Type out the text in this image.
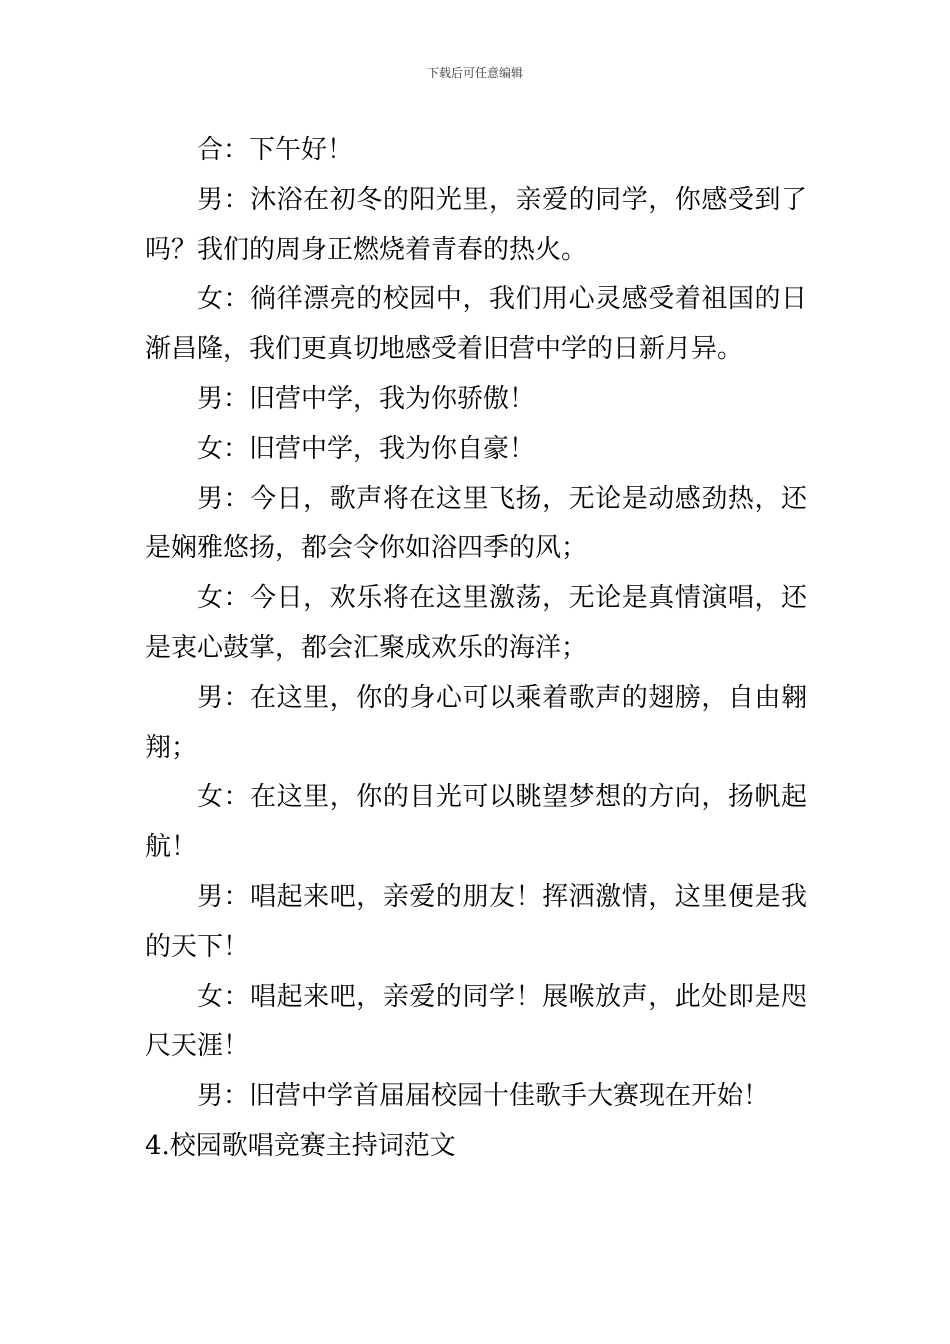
下载后可任意编辑

合：下午好！

男：沐浴在初冬的阳光里，亲爱的同学，你感受到了吗？我们的周身正燃烧着青春的热火。

女：徜徉漂亮的校园中，我们用心灵感受着祖国的日渐昌隆，我们更真切地感受着旧营中学的日新月异。

男：旧营中学，我为你骄傲！

女：旧营中学，我为你自豪！

男：今日，歌声将在这里飞扬，无论是动感劲热，还是娴雅悠扬，都会令你如浴四季的风；

女：今日，欢乐将在这里激荡，无论是真情演唱，还是衷心鼓掌，都会汇聚成欢乐的海洋；

男：在这里，你的身心可以乘着歌声的翅膀，自由翱翔；

女：在这里，你的目光可以眺望梦想的方向，扬帆起航！

男：唱起来吧，亲爱的朋友！挥洒激情，这里便是我的天下！

女：唱起来吧，亲爱的同学！展喉放声，此处即是咫尺天涯！

男：旧营中学首届届校园十佳歌手大赛现在开始！

4.校园歌唱竞赛主持词范文
